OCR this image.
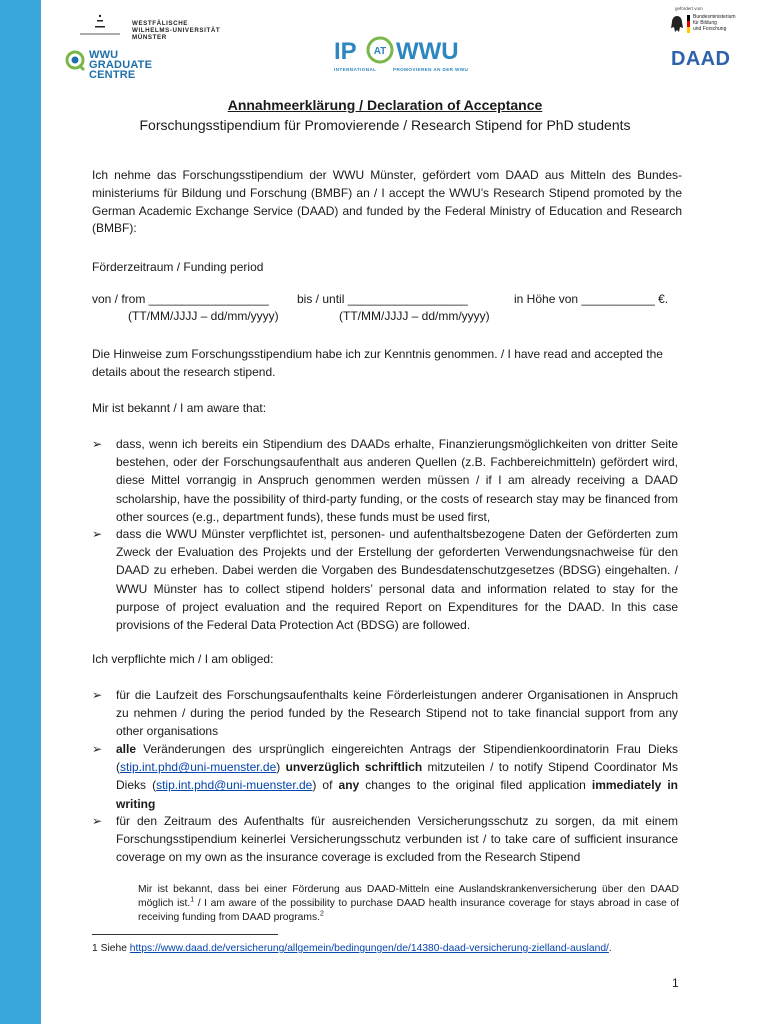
WESTFÄLISCHE
WILHELMS-UNIVERSITÄT
MÜNSTER
WWU
GRADUATE
CENTRE
IP AT WWU
INTERNATIONAL	PROMOVIEREN AN DER WWU
gefördert vom
Bundesministerium
für Bildung
und Forschung
DAAD
Annahmeerklärung / Declaration of Acceptance
Forschungsstipendium für Promovierende / Research Stipend for PhD students
Ich nehme das Forschungsstipendium der WWU Münster, gefördert vom DAAD aus Mitteln des Bundes-ministeriums für Bildung und Forschung (BMBF) an / I accept the WWU’s Research Stipend promoted by the German Academic Exchange Service (DAAD) and funded by the Federal Ministry of Education and Research (BMBF):
Förderzeitraum / Funding period
von / from __________________ bis / until __________________	in Höhe von ___________ €.
(TT/MM/JJJJ – dd/mm/yyyy)	(TT/MM/JJJJ – dd/mm/yyyy)
Die Hinweise zum Forschungsstipendium habe ich zur Kenntnis genommen. / I have read and accepted the details about the research stipend.
Mir ist bekannt / I am aware that:
➢ dass, wenn ich bereits ein Stipendium des DAADs erhalte, Finanzierungsmöglichkeiten von dritter Seite bestehen, oder der Forschungsaufenthalt aus anderen Quellen (z.B. Fachbereichmitteln) gefördert wird, diese Mittel vorrangig in Anspruch genommen werden müssen / if I am already receiving a DAAD scholarship, have the possibility of third-party funding, or the costs of research stay may be financed from other sources (e.g., department funds), these funds must be used first,
➢ dass die WWU Münster verpflichtet ist, personen- und aufenthaltsbezogene Daten der Geförderten zum Zweck der Evaluation des Projekts und der Erstellung der geforderten Verwendungsnachweise für den DAAD zu erheben. Dabei werden die Vorgaben des Bundesdatenschutzgesetzes (BDSG) eingehalten. / WWU Münster has to collect stipend holders’ personal data and information related to stay for the purpose of project evaluation and the required Report on Expenditures for the DAAD. In this case provisions of the Federal Data Protection Act (BDSG) are followed.
Ich verpflichte mich / I am obliged:
➢ für die Laufzeit des Forschungsaufenthalts keine Förderleistungen anderer Organisationen in Anspruch zu nehmen / during the period funded by the Research Stipend not to take financial support from any other organisations
➢ alle Veränderungen des ursprünglich eingereichten Antrags der Stipendienkoordinatorin Frau Dieks (stip.int.phd@uni-muenster.de) unverzüglich schriftlich mitzuteilen / to notify Stipend Coordinator Ms Dieks (stip.int.phd@uni-muenster.de) of any changes to the original filed application immediately in writing
➢ für den Zeitraum des Aufenthalts für ausreichenden Versicherungsschutz zu sorgen, da mit einem Forschungsstipendium keinerlei Versicherungsschutz verbunden ist / to take care of sufficient insurance coverage on my own as the insurance coverage is excluded from the Research Stipend
Mir ist bekannt, dass bei einer Förderung aus DAAD-Mitteln eine Auslandskrankenversicherung über den DAAD möglich ist.$^1$ / I am aware of the possibility to purchase DAAD health insurance coverage for stays abroad in case of receiving funding from DAAD programs.$^2$
1 Siehe https://www.daad.de/versicherung/allgemein/bedingungen/de/14380-daad-versicherung-zielland-ausland/.
1
